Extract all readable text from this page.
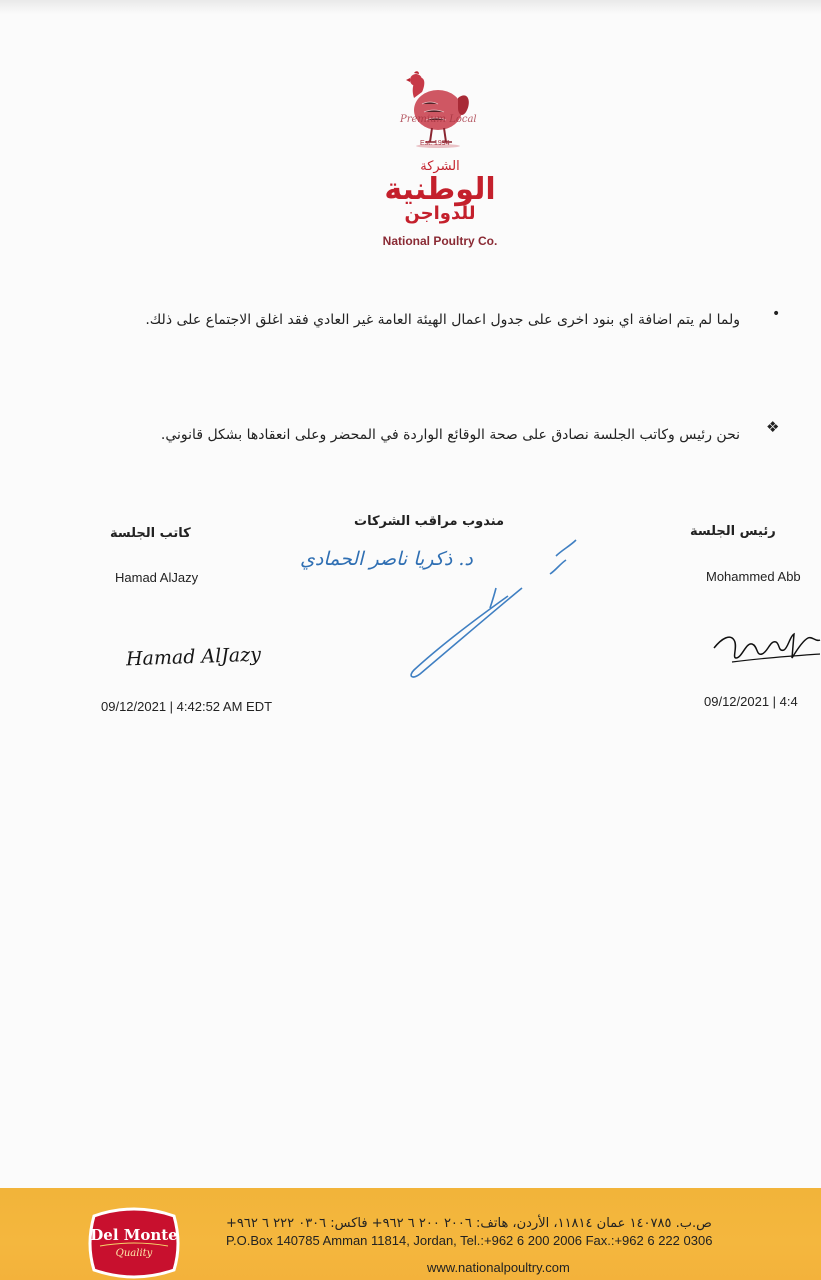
Premium Local
Est. 1994
الشركة
الوطنية
للدواجن
National Poultry Co.
•
ولما لم يتم اضافة اي بنود اخرى على جدول اعمال الهيئة العامة غير العادي فقد اغلق الاجتماع على ذلك.
❖
نحن رئيس وكاتب الجلسة نصادق على صحة الوقائع الواردة في المحضر وعلى انعقادها بشكل قانوني.
كاتب الجلسة
مندوب مراقب الشركات
رئيس الجلسة
Hamad AlJazy	Mohammed Abb
د. ذكريا ناصر الحمادي
Hamad AlJazy
09/12/2021 | 4:42:52 AM EDT	09/12/2021 | 4:4
Del Monte
Quality
ص.ب. ١٤٠٧٨٥ عمان ١١٨١٤، الأردن، هاتف: ٢٠٠٦ ٢٠٠ ٦ ٩٦٢+ فاكس: ٠٣٠٦ ٢٢٢ ٦ ٩٦٢+
P.O.Box 140785 Amman 11814, Jordan, Tel.:+962 6 200 2006 Fax.:+962 6 222 0306
www.nationalpoultry.com
